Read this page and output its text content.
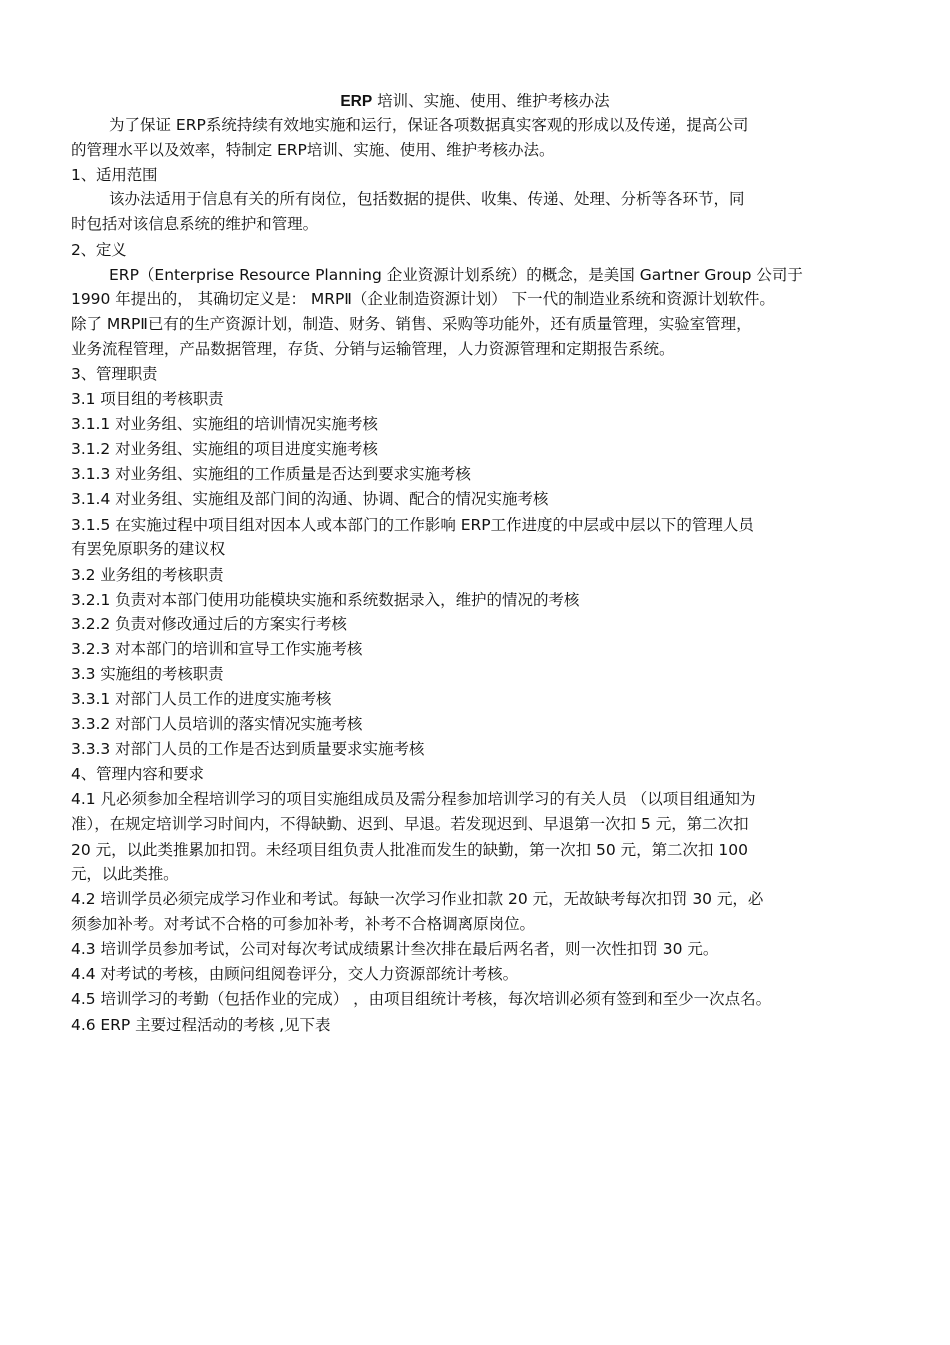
ERP 培训、实施、使用、维护考核办法
为了保证 ERP系统持续有效地实施和运行，保证各项数据真实客观的形成以及传递，提高公司
的管理水平以及效率，特制定 ERP培训、实施、使用、维护考核办法。
1、适用范围
该办法适用于信息有关的所有岗位，包括数据的提供、收集、传递、处理、分析等各环节，同
时包括对该信息系统的维护和管理。
2、定义
ERP（Enterprise Resource Planning 企业资源计划系统）的概念，是美国 Gartner Group 公司于
1990 年提出的， 其确切定义是： MRPⅡ（企业制造资源计划） 下一代的制造业系统和资源计划软件。
除了 MRPⅡ已有的生产资源计划，制造、财务、销售、采购等功能外，还有质量管理，实验室管理，
业务流程管理，产品数据管理，存货、分销与运输管理，人力资源管理和定期报告系统。
3、管理职责
3.1 项目组的考核职责
3.1.1 对业务组、实施组的培训情况实施考核
3.1.2 对业务组、实施组的项目进度实施考核
3.1.3 对业务组、实施组的工作质量是否达到要求实施考核
3.1.4 对业务组、实施组及部门间的沟通、协调、配合的情况实施考核
3.1.5 在实施过程中项目组对因本人或本部门的工作影响 ERP工作进度的中层或中层以下的管理人员
有罢免原职务的建议权
3.2 业务组的考核职责
3.2.1 负责对本部门使用功能模块实施和系统数据录入，维护的情况的考核
3.2.2 负责对修改通过后的方案实行考核
3.2.3 对本部门的培训和宣导工作实施考核
3.3 实施组的考核职责
3.3.1 对部门人员工作的进度实施考核
3.3.2 对部门人员培训的落实情况实施考核
3.3.3 对部门人员的工作是否达到质量要求实施考核
4、管理内容和要求
4.1 凡必须参加全程培训学习的项目实施组成员及需分程参加培训学习的有关人员 （以项目组通知为
准），在规定培训学习时间内，不得缺勤、迟到、早退。若发现迟到、早退第一次扣 5 元，第二次扣
20 元，以此类推累加扣罚。未经项目组负责人批准而发生的缺勤，第一次扣 50 元，第二次扣 100
元，以此类推。
4.2 培训学员必须完成学习作业和考试。每缺一次学习作业扣款 20 元，无故缺考每次扣罚 30 元，必
须参加补考。对考试不合格的可参加补考，补考不合格调离原岗位。
4.3 培训学员参加考试，公司对每次考试成绩累计叁次排在最后两名者，则一次性扣罚 30 元。
4.4 对考试的考核，由顾问组阅卷评分，交人力资源部统计考核。
4.5 培训学习的考勤（包括作业的完成） ，由项目组统计考核，每次培训必须有签到和至少一次点名。
4.6 ERP 主要过程活动的考核 ,见下表
